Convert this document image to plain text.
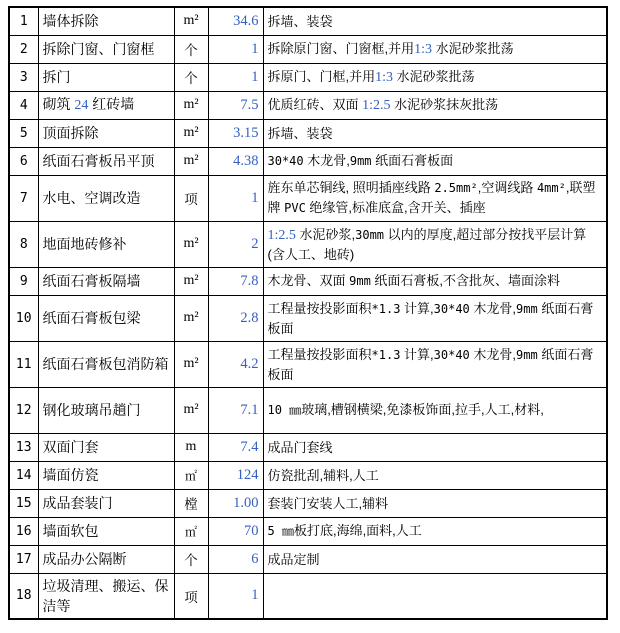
1	墙体拆除	m²	34.6	拆墙、装袋
2	拆除门窗、门窗框	个	1	拆除原门窗、门窗框,并用1:3 水泥砂浆批荡
3	拆门	个	1	拆原门、门框,并用1:3 水泥砂浆批荡
4	砌筑 24 红砖墙	m²	7.5	优质红砖、双面 1:2.5 水泥砂浆抹灰批荡
5	顶面拆除	m²	3.15	拆墙、装袋
6	纸面石膏板吊平顶	m²	4.38	30*40 木龙骨,9mm 纸面石膏板面
7	水电、空调改造	项	1	旌东单芯铜线, 照明插座线路 2.5mm²,空调线路 4mm²,联塑牌 PVC 绝缘管,标准底盒,含开关、插座
8	地面地砖修补	m²	2	1:2.5 水泥砂浆,30mm 以内的厚度,超过部分按找平层计算(含人工、地砖)
9	纸面石膏板隔墙	m²	7.8	木龙骨、双面 9mm 纸面石膏板,不含批灰、墙面涂料
10	纸面石膏板包梁	m²	2.8	工程量按投影面积*1.3 计算,30*40 木龙骨,9mm 纸面石膏板面
11	纸面石膏板包消防箱	m²	4.2	工程量按投影面积*1.3 计算,30*40 木龙骨,9mm 纸面石膏板面
12	钢化玻璃吊趟门	m²	7.1	10 ㎜玻璃,槽钢横梁,免漆板饰面,拉手,人工,材料,
13	双面门套	m	7.4	成品门套线
14	墙面仿瓷	㎡	124	仿瓷批刮,辅料,人工
15	成品套装门	樘	1.00	套装门安装人工,辅料
16	墙面软包	㎡	70	5 ㎜板打底,海绵,面料,人工
17	成品办公隔断	个	6	成品定制
18	垃圾清理、搬运、保洁等	项	1	
